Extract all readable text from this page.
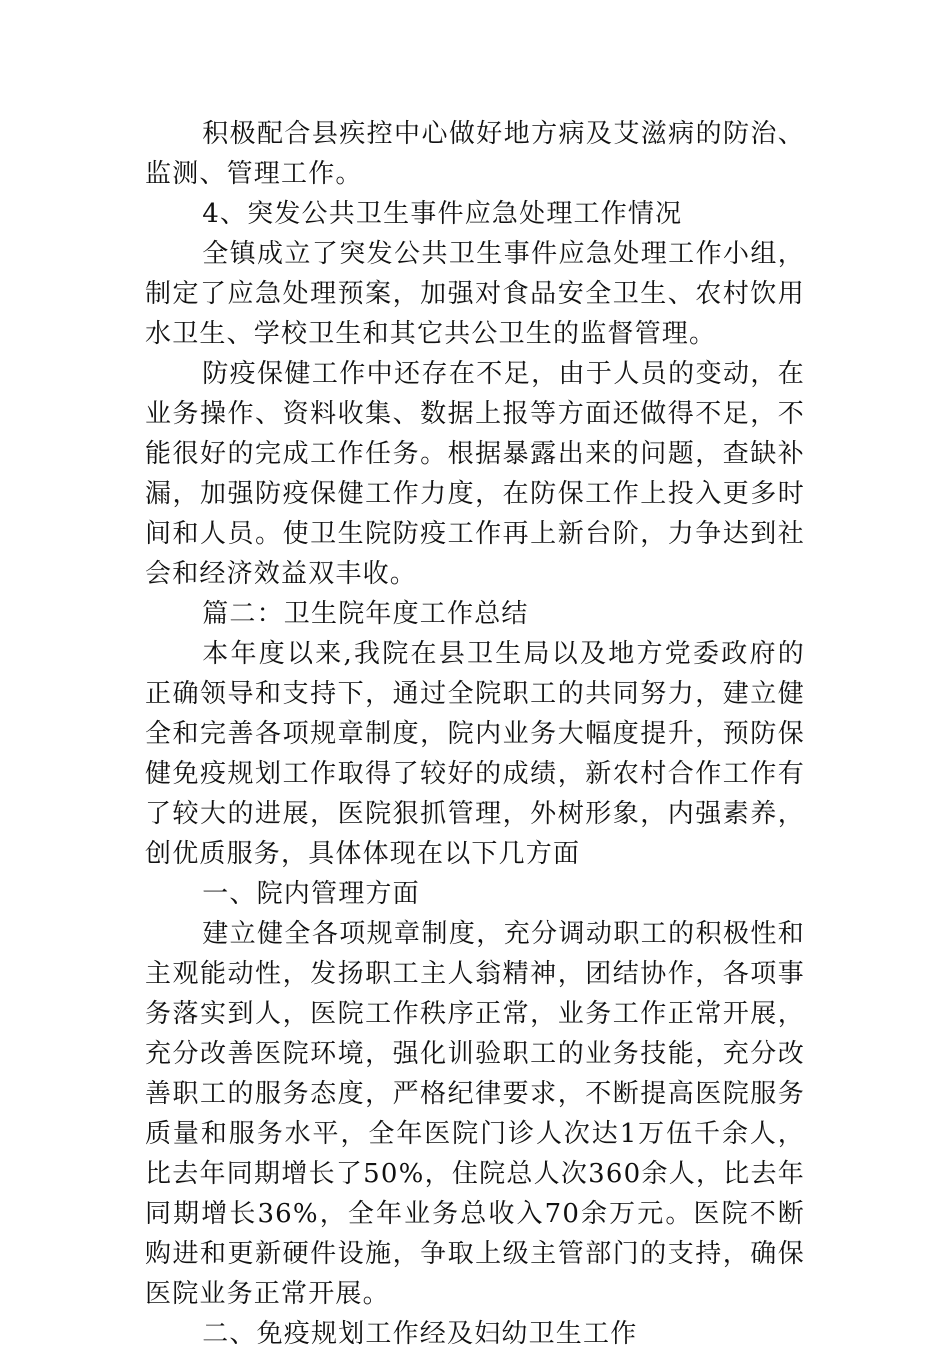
积极配合县疾控中心做好地方病及艾滋病的防治、监测、管理工作。

4、突发公共卫生事件应急处理工作情况

全镇成立了突发公共卫生事件应急处理工作小组，制定了应急处理预案，加强对食品安全卫生、农村饮用水卫生、学校卫生和其它共公卫生的监督管理。

防疫保健工作中还存在不足，由于人员的变动，在业务操作、资料收集、数据上报等方面还做得不足，不能很好的完成工作任务。根据暴露出来的问题，查缺补漏，加强防疫保健工作力度，在防保工作上投入更多时间和人员。使卫生院防疫工作再上新台阶，力争达到社会和经济效益双丰收。

篇二：卫生院年度工作总结

本年度以来,我院在县卫生局以及地方党委政府的正确领导和支持下，通过全院职工的共同努力，建立健全和完善各项规章制度，院内业务大幅度提升，预防保健免疫规划工作取得了较好的成绩，新农村合作工作有了较大的进展，医院狠抓管理，外树形象，内强素养，创优质服务，具体体现在以下几方面

一、院内管理方面

建立健全各项规章制度，充分调动职工的积极性和主观能动性，发扬职工主人翁精神，团结协作，各项事务落实到人，医院工作秩序正常，业务工作正常开展，充分改善医院环境，强化训验职工的业务技能，充分改善职工的服务态度，严格纪律要求，不断提高医院服务质量和服务水平，全年医院门诊人次达1万伍千余人，比去年同期增长了50%，住院总人次360余人，比去年同期增长36%，全年业务总收入70余万元。医院不断购进和更新硬件设施，争取上级主管部门的支持，确保医院业务正常开展。

二、免疫规划工作经及妇幼卫生工作
